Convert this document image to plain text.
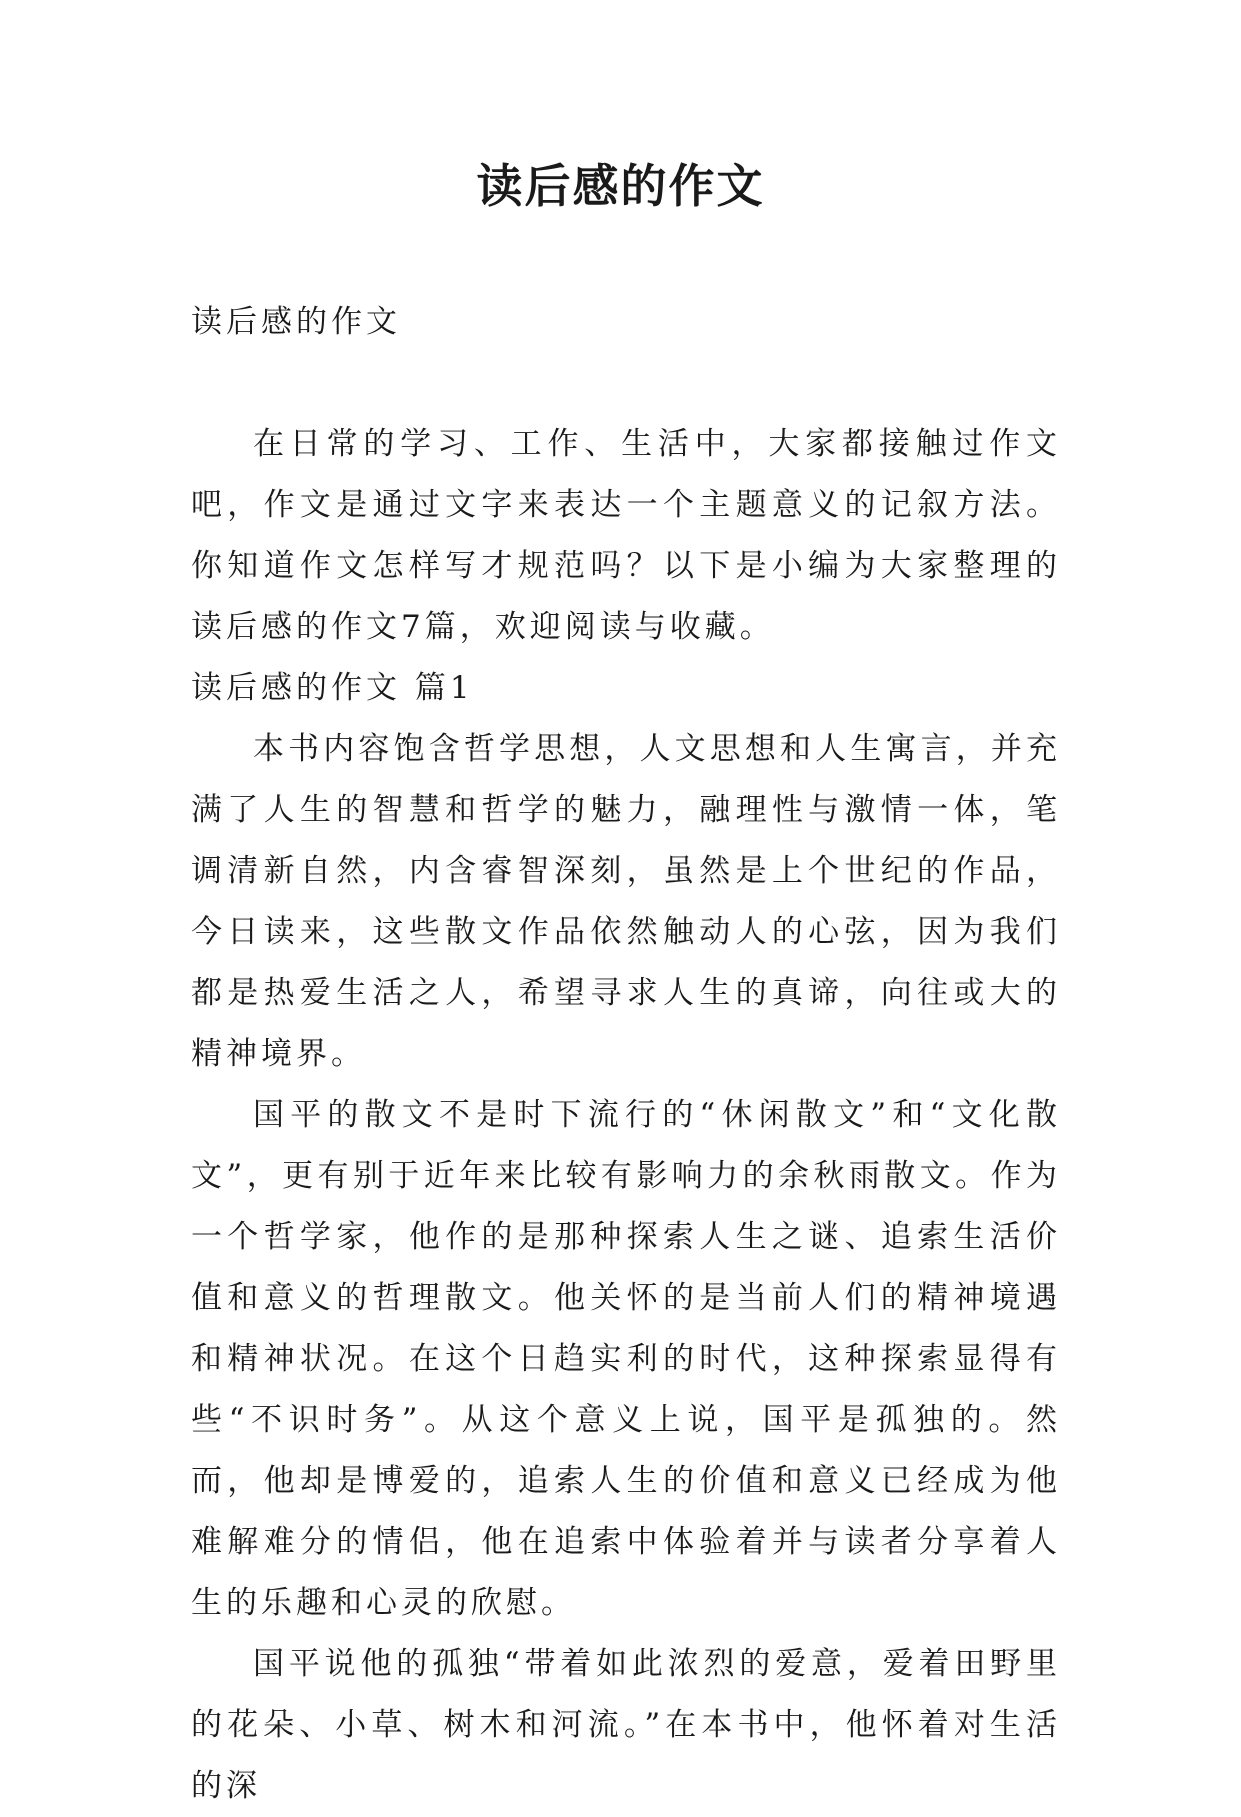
读后感的作文

读后感的作文

在日常的学习、工作、生活中，大家都接触过作文吧，作文是通过文字来表达一个主题意义的记叙方法。你知道作文怎样写才规范吗？以下是小编为大家整理的读后感的作文7篇，欢迎阅读与收藏。

读后感的作文 篇1

本书内容饱含哲学思想，人文思想和人生寓言，并充满了人生的智慧和哲学的魅力，融理性与激情一体，笔调清新自然，内含睿智深刻，虽然是上个世纪的作品，今日读来，这些散文作品依然触动人的心弦，因为我们都是热爱生活之人，希望寻求人生的真谛，向往或大的精神境界。

国平的散文不是时下流行的“休闲散文”和“文化散文”，更有别于近年来比较有影响力的余秋雨散文。作为一个哲学家，他作的是那种探索人生之谜、追索生活价值和意义的哲理散文。他关怀的是当前人们的精神境遇和精神状况。在这个日趋实利的时代，这种探索显得有些“不识时务”。从这个意义上说，国平是孤独的。然而，他却是博爱的，追索人生的价值和意义已经成为他难解难分的情侣，他在追索中体验着并与读者分享着人生的乐趣和心灵的欣慰。

国平说他的孤独“带着如此浓烈的爱意，爱着田野里的花朵、小草、树木和河流。”在本书中，他怀着对生活的深
